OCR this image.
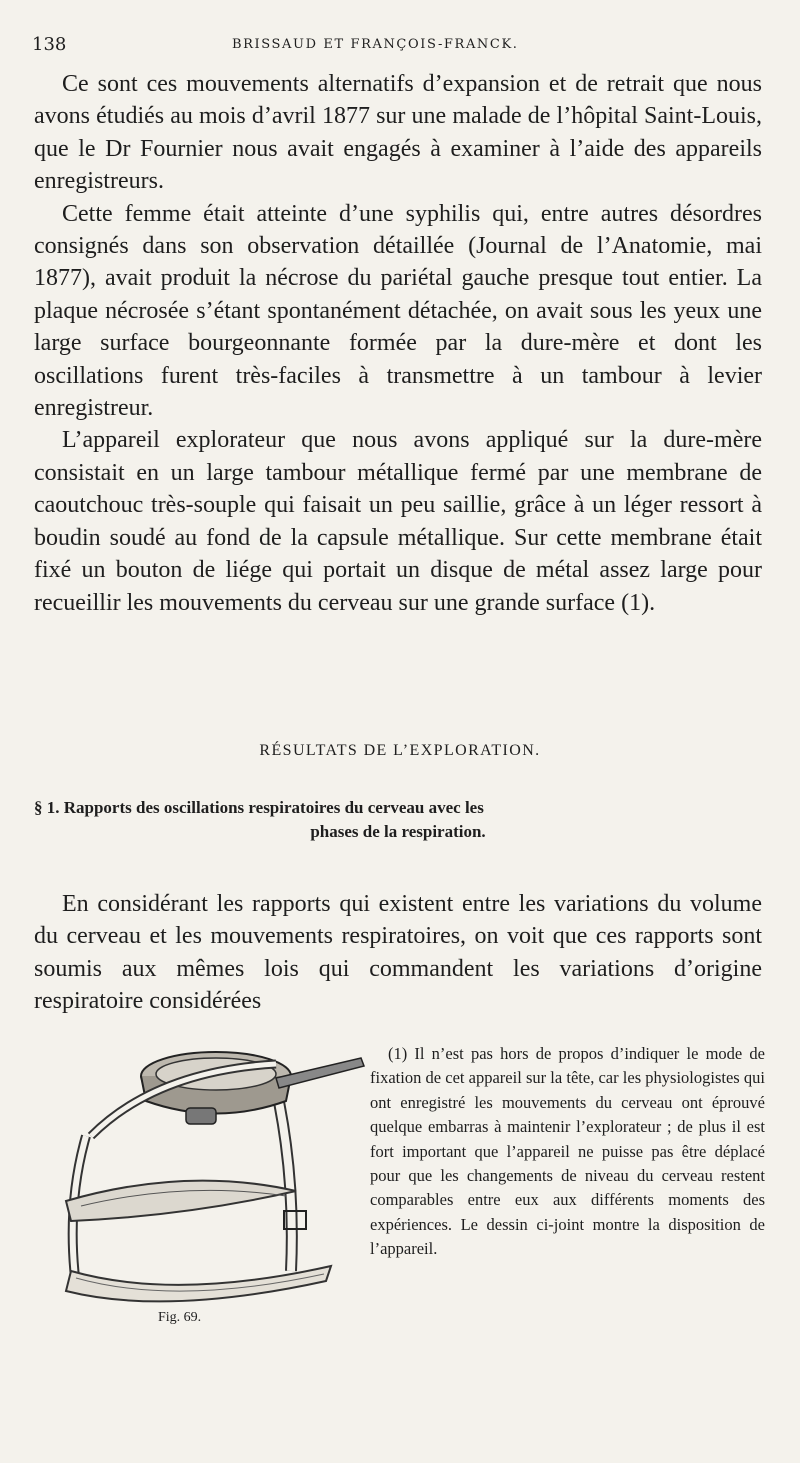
138	BRISSAUD ET FRANÇOIS-FRANCK.

Ce sont ces mouvements alternatifs d’expansion et de retrait que nous avons étudiés au mois d’avril 1877 sur une malade de l’hôpital Saint-Louis, que le Dr Fournier nous avait engagés à examiner à l’aide des appareils enregistreurs.

Cette femme était atteinte d’une syphilis qui, entre autres désordres consignés dans son observation détaillée (Journal de l’Anatomie, mai 1877), avait produit la nécrose du pariétal gauche presque tout entier. La plaque nécrosée s’étant spontanément détachée, on avait sous les yeux une large surface bourgeonnante formée par la dure-mère et dont les oscillations furent très-faciles à transmettre à un tambour à levier enregistreur.

L’appareil explorateur que nous avons appliqué sur la dure-mère consistait en un large tambour métallique fermé par une membrane de caoutchouc très-souple qui faisait un peu saillie, grâce à un léger ressort à boudin soudé au fond de la capsule métallique. Sur cette membrane était fixé un bouton de liége qui portait un disque de métal assez large pour recueillir les mouvements du cerveau sur une grande surface (1).

RÉSULTATS DE L’EXPLORATION.
§ 1. Rapports des oscillations respiratoires du cerveau avec les
phases de la respiration.

En considérant les rapports qui existent entre les variations du volume du cerveau et les mouvements respiratoires, on voit que ces rapports sont soumis aux mêmes lois qui commandent les variations d’origine respiratoire considérées

Fig. 69.
(1) Il n’est pas hors de propos d’indiquer le mode de fixation de cet appareil sur la tête, car les physiologistes qui ont enregistré les mouvements du cerveau ont éprouvé quelque embarras à maintenir l’explorateur ; de plus il est fort important que l’appareil ne puisse pas être déplacé pour que les changements de niveau du cerveau restent comparables entre eux aux différents moments des expériences. Le dessin ci-joint montre la disposition de l’appareil.
